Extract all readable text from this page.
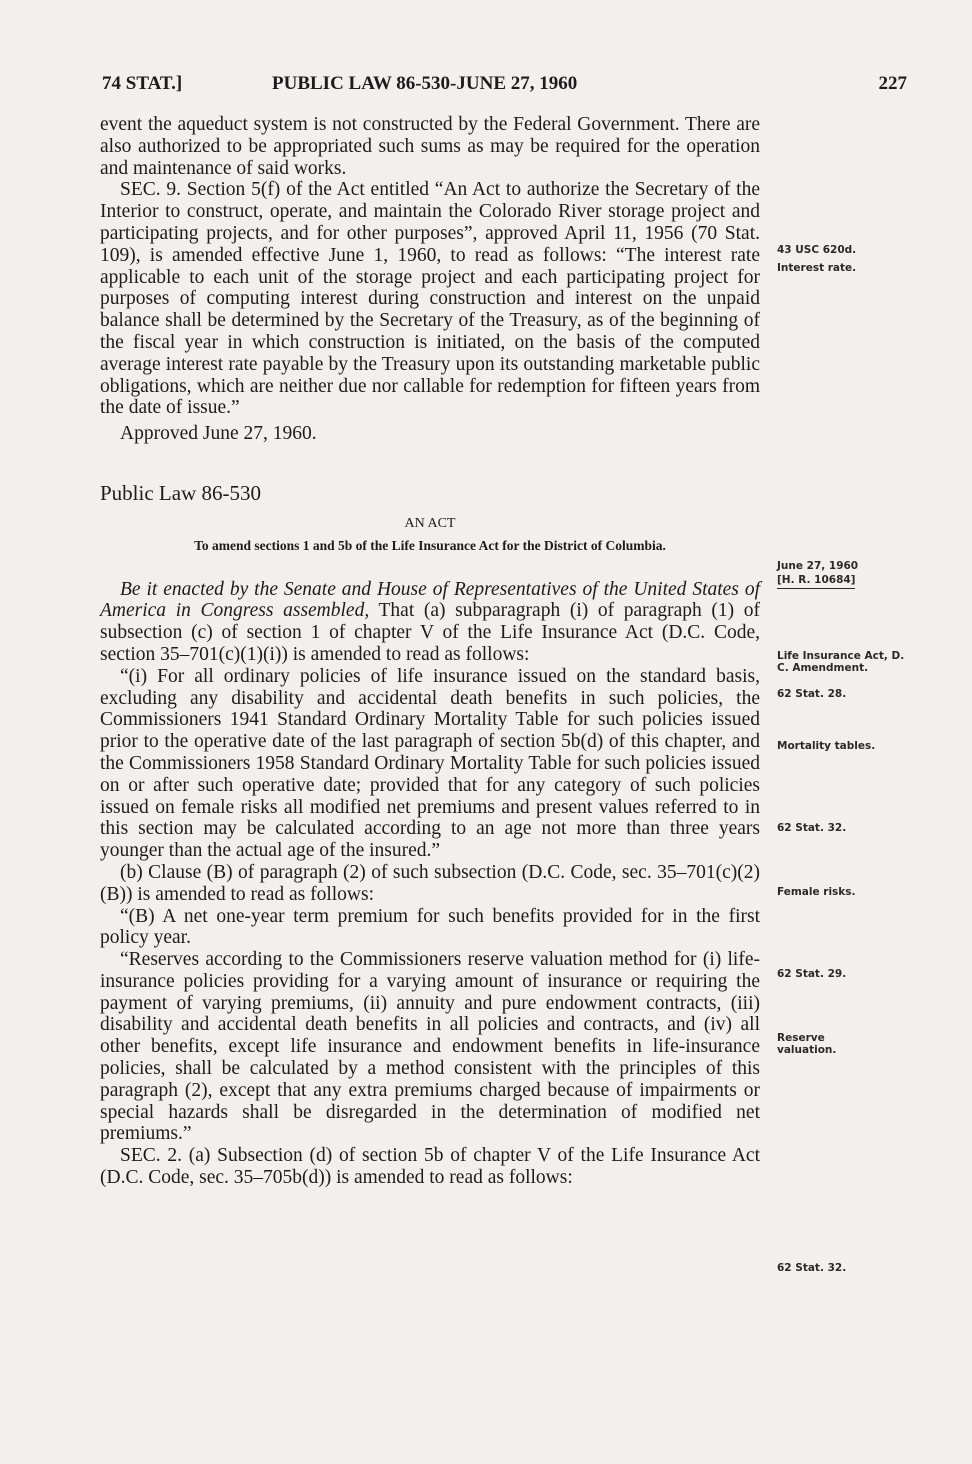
74 STAT.]	PUBLIC LAW 86-530-JUNE 27, 1960	227

event the aqueduct system is not constructed by the Federal Government. There are also authorized to be appropriated such sums as may be required for the operation and maintenance of said works.

SEC. 9. Section 5(f) of the Act entitled “An Act to authorize the Secretary of the Interior to construct, operate, and maintain the Colorado River storage project and participating projects, and for other purposes”, approved April 11, 1956 (70 Stat. 109), is amended effective June 1, 1960, to read as follows: “The interest rate applicable to each unit of the storage project and each participating project for purposes of computing interest during construction and interest on the unpaid balance shall be determined by the Secretary of the Treasury, as of the beginning of the fiscal year in which construction is initiated, on the basis of the computed average interest rate payable by the Treasury upon its outstanding marketable public obligations, which are neither due nor callable for redemption for fifteen years from the date of issue.”

Approved June 27, 1960.

Public Law 86-530
AN ACT
To amend sections 1 and 5b of the Life Insurance Act for the District of Columbia.

Be it enacted by the Senate and House of Representatives of the United States of America in Congress assembled, That (a) subparagraph (i) of paragraph (1) of subsection (c) of section 1 of chapter V of the Life Insurance Act (D.C. Code, section 35–701(c)(1)(i)) is amended to read as follows:

“(i) For all ordinary policies of life insurance issued on the standard basis, excluding any disability and accidental death benefits in such policies, the Commissioners 1941 Standard Ordinary Mortality Table for such policies issued prior to the operative date of the last paragraph of section 5b(d) of this chapter, and the Commissioners 1958 Standard Ordinary Mortality Table for such policies issued on or after such operative date; provided that for any category of such policies issued on female risks all modified net premiums and present values referred to in this section may be calculated according to an age not more than three years younger than the actual age of the insured.”

(b) Clause (B) of paragraph (2) of such subsection (D.C. Code, sec. 35–701(c)(2)(B)) is amended to read as follows:

“(B) A net one-year term premium for such benefits provided for in the first policy year.

“Reserves according to the Commissioners reserve valuation method for (i) life-insurance policies providing for a varying amount of insurance or requiring the payment of varying premiums, (ii) annuity and pure endowment contracts, (iii) disability and accidental death benefits in all policies and contracts, and (iv) all other benefits, except life insurance and endowment benefits in life-insurance policies, shall be calculated by a method consistent with the principles of this paragraph (2), except that any extra premiums charged because of impairments or special hazards shall be disregarded in the determination of modified net premiums.”

SEC. 2. (a) Subsection (d) of section 5b of chapter V of the Life Insurance Act (D.C. Code, sec. 35–705b(d)) is amended to read as follows:

43 USC 620d.
Interest rate.
June 27, 1960
[H. R. 10684]
Life Insurance Act, D. C. Amendment.
62 Stat. 28.
Mortality tables.
62 Stat. 32.
Female risks.
62 Stat. 29.
Reserve valuation.
62 Stat. 32.
